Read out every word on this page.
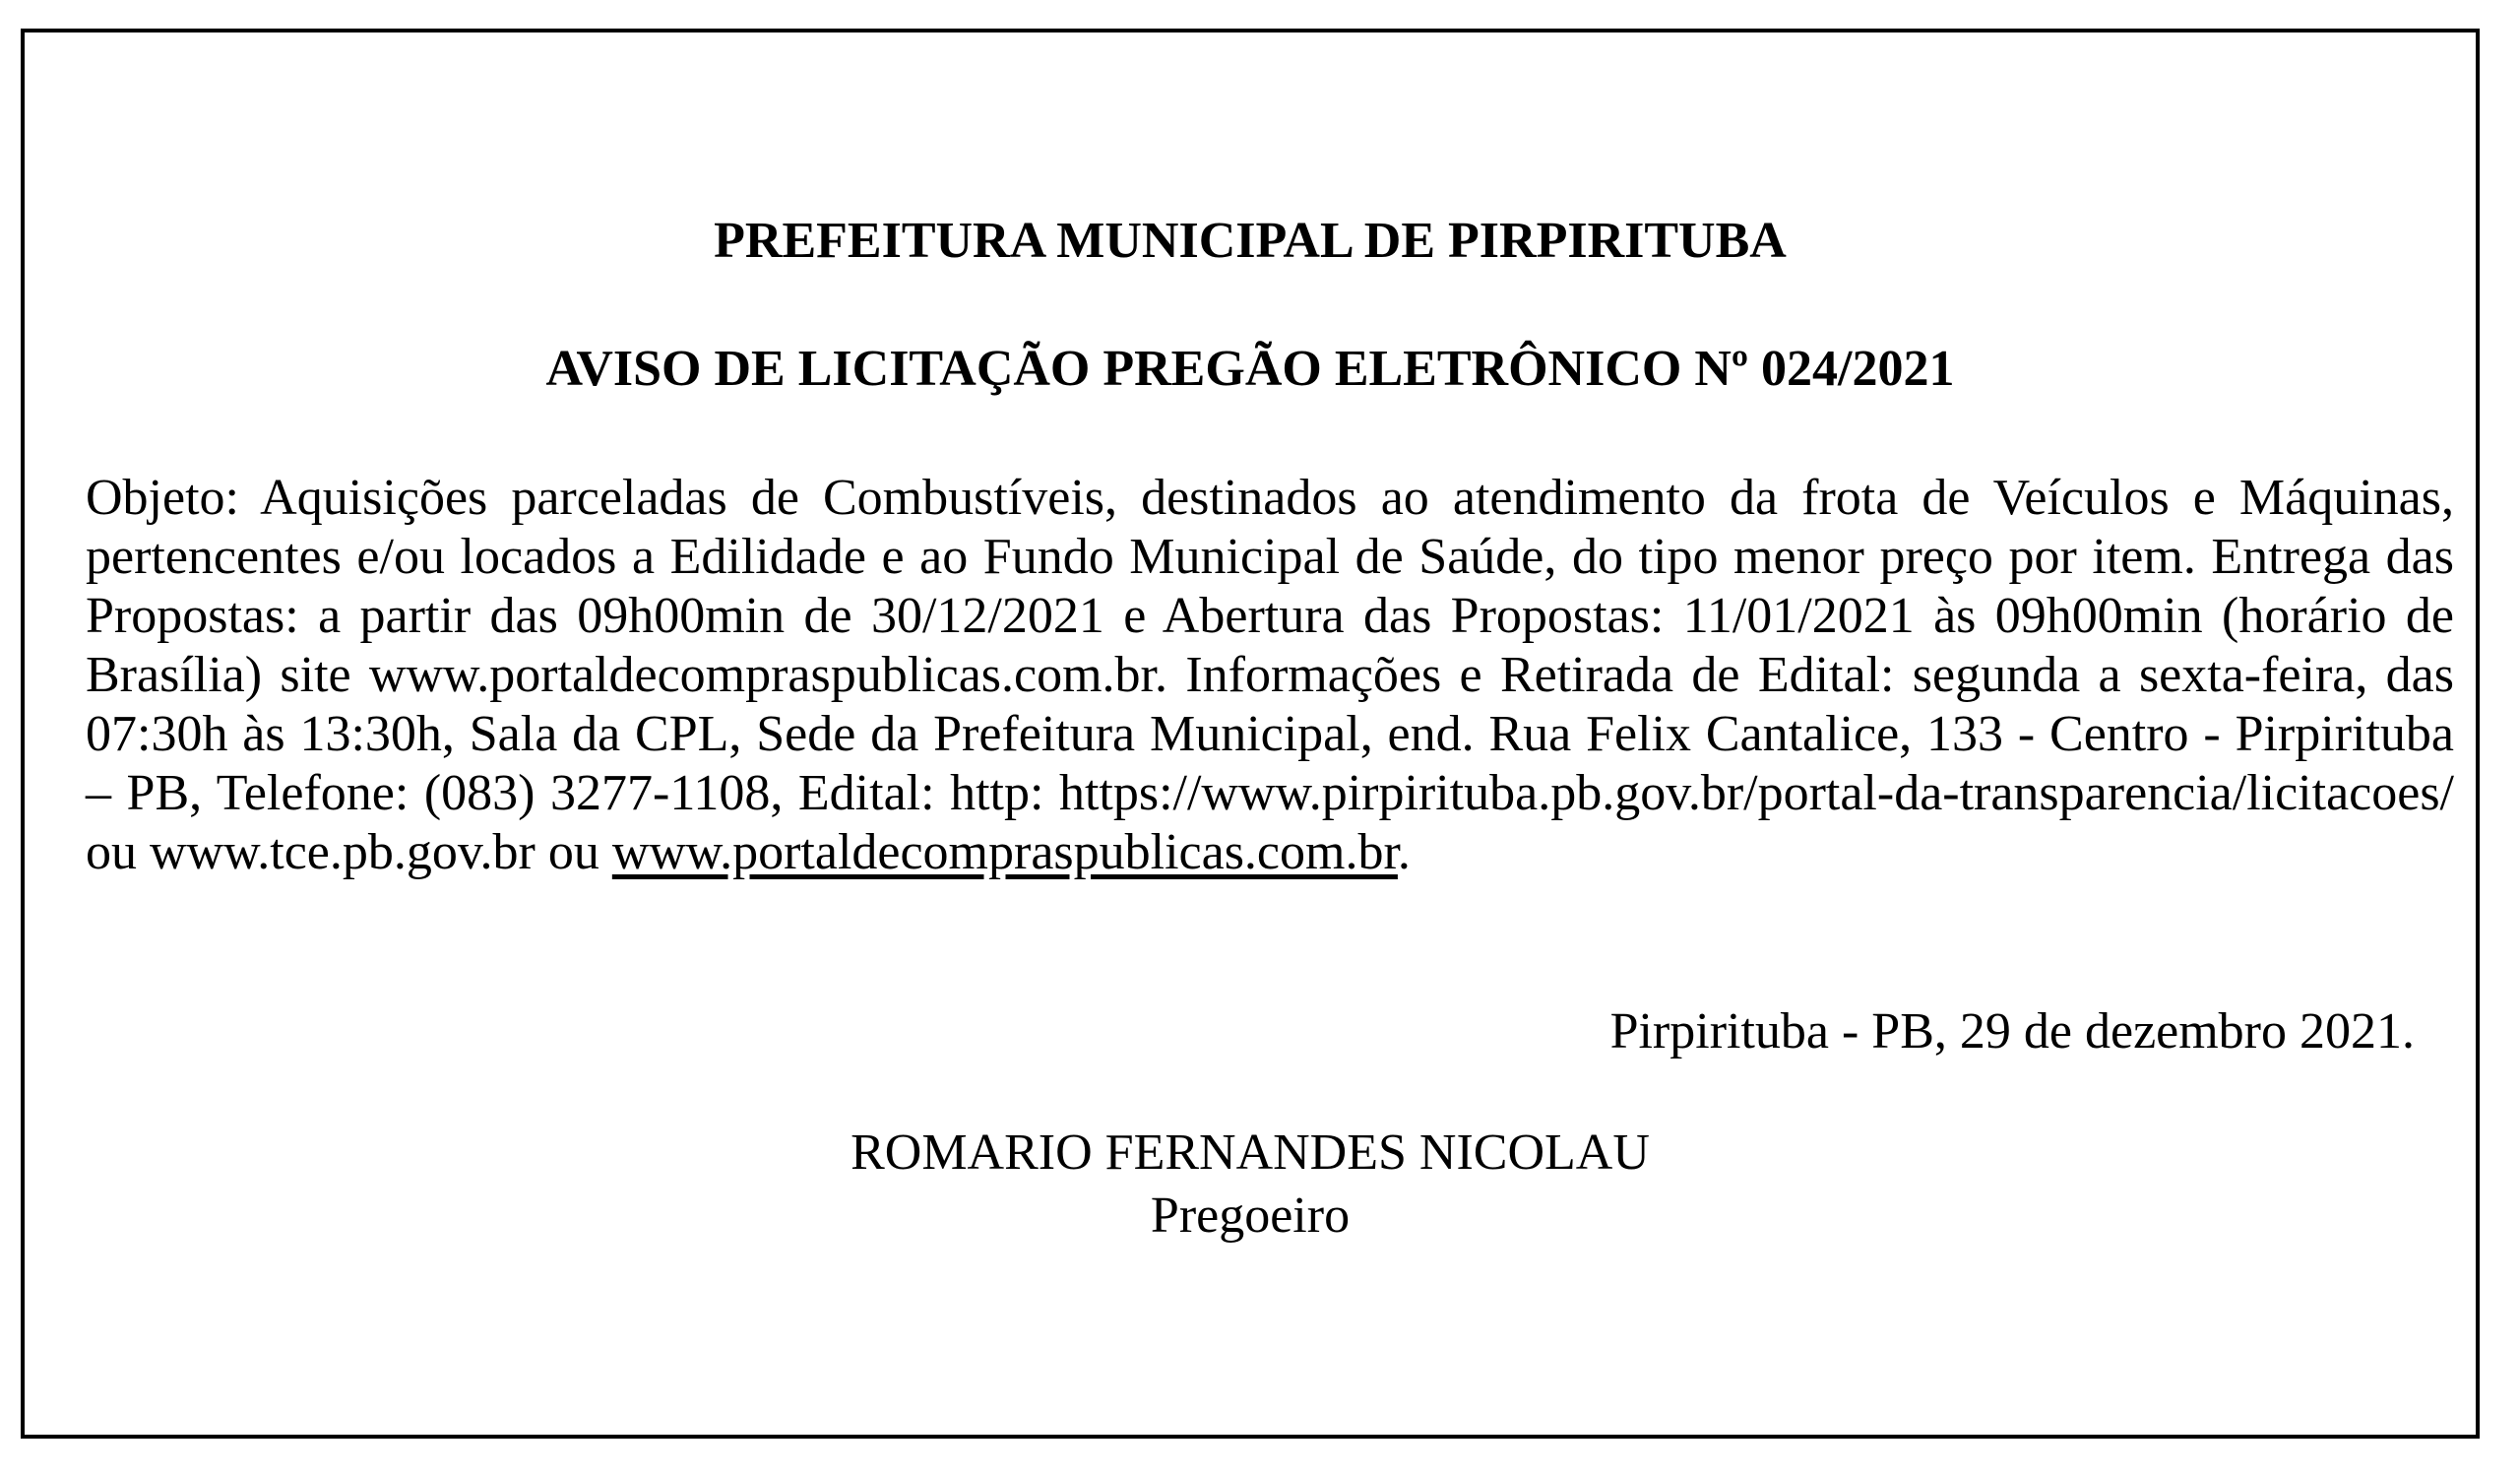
PREFEITURA MUNICIPAL DE PIRPIRITUBA

AVISO DE LICITAÇÃO PREGÃO ELETRÔNICO Nº 024/2021

Objeto: Aquisições parceladas de Combustíveis, destinados ao atendimento da frota de Veículos e Máquinas, pertencentes e/ou locados a Edilidade e ao Fundo Municipal de Saúde, do tipo menor preço por item. Entrega das Propostas: a partir das 09h00min de 30/12/2021 e Abertura das Propostas: 11/01/2021 às 09h00min (horário de Brasília) site www.portaldecompraspublicas.com.br. Informações e Retirada de Edital: segunda a sexta-feira, das 07:30h às 13:30h, Sala da CPL, Sede da Prefeitura Municipal, end. Rua Felix Cantalice, 133 - Centro - Pirpirituba – PB, Telefone: (083) 3277-1108, Edital: http: https://www.pirpirituba.pb.gov.br/portal-da-transparencia/licitacoes/ ou www.tce.pb.gov.br ou www.portaldecompraspublicas.com.br.

Pirpirituba - PB, 29 de dezembro 2021.

ROMARIO FERNANDES NICOLAU

Pregoeiro
